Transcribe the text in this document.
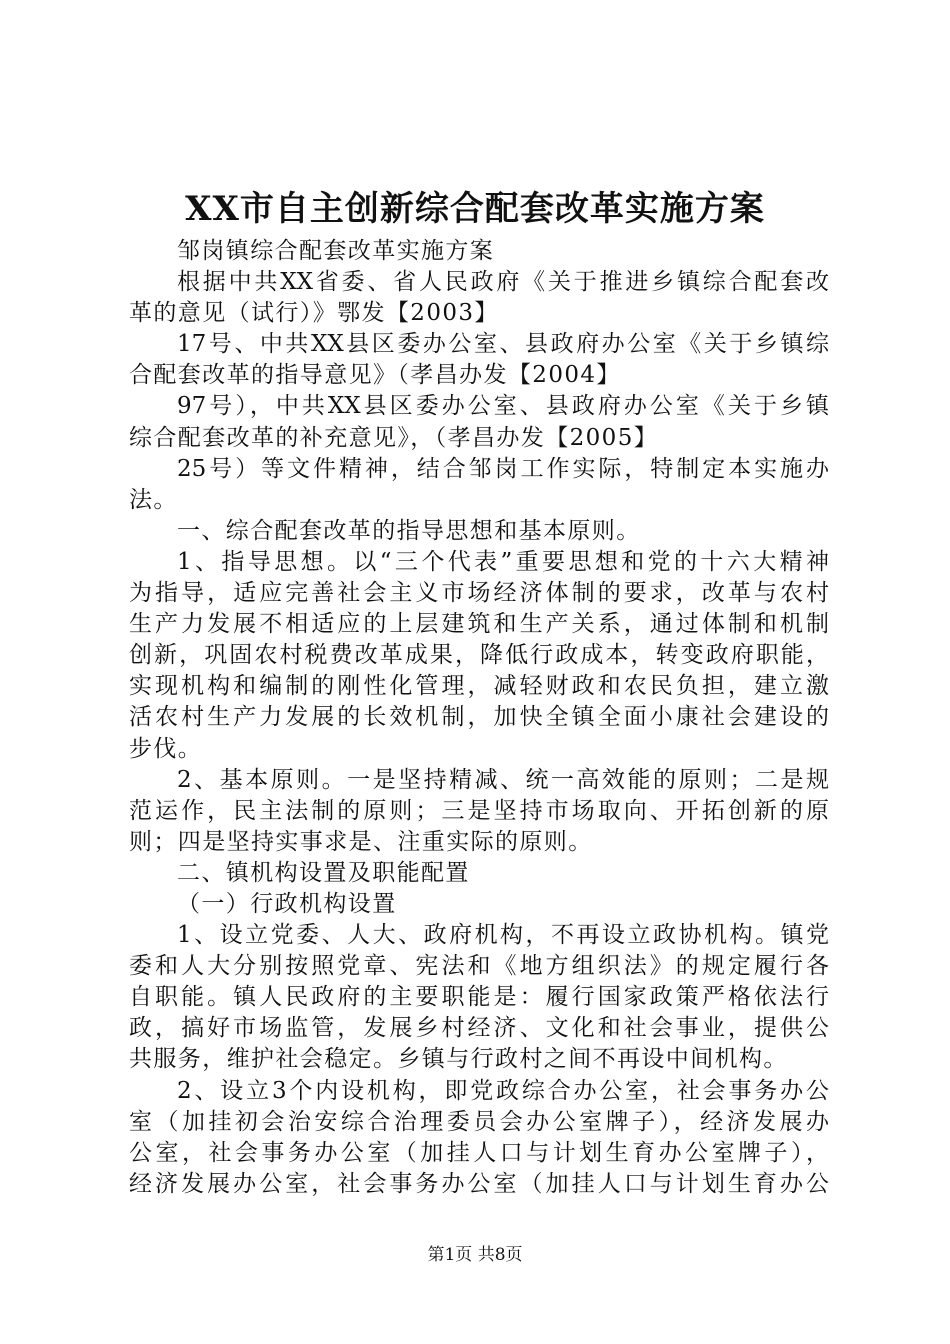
XX市自主创新综合配套改革实施方案
邹岗镇综合配套改革实施方案
根据中共XX省委、省人民政府《关于推进乡镇综合配套改
革的意见（试行）》鄂发【2003】
17号、中共XX县区委办公室、县政府办公室《关于乡镇综
合配套改革的指导意见》（孝昌办发【2004】
97号），中共XX县区委办公室、县政府办公室《关于乡镇
综合配套改革的补充意见》，（孝昌办发【2005】
25号）等文件精神，结合邹岗工作实际，特制定本实施办
法。
一、综合配套改革的指导思想和基本原则。
1、指导思想。以“三个代表”重要思想和党的十六大精神
为指导，适应完善社会主义市场经济体制的要求，改革与农村
生产力发展不相适应的上层建筑和生产关系，通过体制和机制
创新，巩固农村税费改革成果，降低行政成本，转变政府职能，
实现机构和编制的刚性化管理，减轻财政和农民负担，建立激
活农村生产力发展的长效机制，加快全镇全面小康社会建设的
步伐。
2、基本原则。一是坚持精减、统一高效能的原则；二是规
范运作，民主法制的原则；三是坚持市场取向、开拓创新的原
则；四是坚持实事求是、注重实际的原则。
二、镇机构设置及职能配置
（一）行政机构设置
1、设立党委、人大、政府机构，不再设立政协机构。镇党
委和人大分别按照党章、宪法和《地方组织法》的规定履行各
自职能。镇人民政府的主要职能是：履行国家政策严格依法行
政，搞好市场监管，发展乡村经济、文化和社会事业，提供公
共服务，维护社会稳定。乡镇与行政村之间不再设中间机构。
2、设立3个内设机构，即党政综合办公室，社会事务办公
室（加挂初会治安综合治理委员会办公室牌子），经济发展办
公室，社会事务办公室（加挂人口与计划生育办公室牌子），
经济发展办公室，社会事务办公室（加挂人口与计划生育办公
第1页 共8页
